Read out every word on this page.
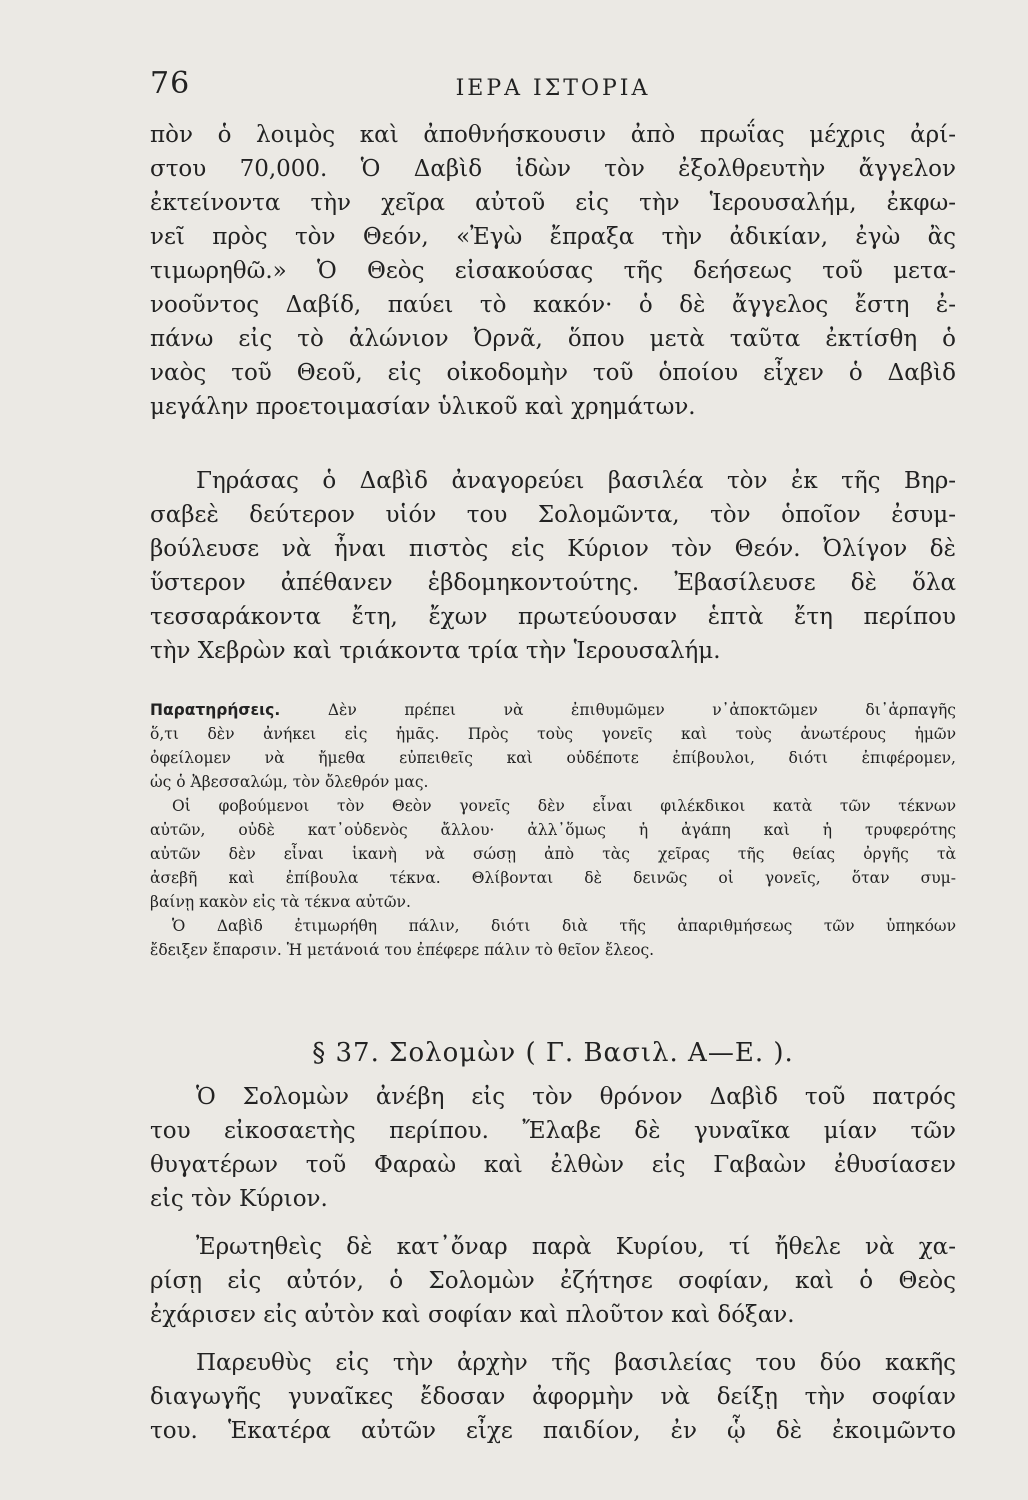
76	ΙΕΡΑ ΙΣΤΟΡΙΑ
πὸν ὁ λοιμὸς καὶ ἀποθνήσκουσιν ἀπὸ πρωΐας μέχρις ἀρί-
στου 70,000. Ὁ Δαβὶδ ἰδὼν τὸν ἐξολθρευτὴν ἄγγελον
ἐκτείνοντα τὴν χεῖρα αὐτοῦ εἰς τὴν Ἱερουσαλήμ, ἐκφω-
νεῖ πρὸς τὸν Θεόν, «Ἐγὼ ἔπραξα τὴν ἀδικίαν, ἐγὼ ἂς
τιμωρηθῶ.» Ὁ Θεὸς εἰσακούσας τῆς δεήσεως τοῦ μετα-
νοοῦντος Δαβίδ, παύει τὸ κακόν· ὁ δὲ ἄγγελος ἔστη ἐ-
πάνω εἰς τὸ ἀλώνιον Ὀρνᾶ, ὅπου μετὰ ταῦτα ἐκτίσθη ὁ
ναὸς τοῦ Θεοῦ, εἰς οἰκοδομὴν τοῦ ὁποίου εἶχεν ὁ Δαβὶδ
μεγάλην προετοιμασίαν ὑλικοῦ καὶ χρημάτων.
Γηράσας ὁ Δαβὶδ ἀναγορεύει βασιλέα τὸν ἐκ τῆς Βηρ-
σαβεὲ δεύτερον υἱόν του Σολομῶντα, τὸν ὁποῖον ἐσυμ-
βούλευσε νὰ ἦναι πιστὸς εἰς Κύριον τὸν Θεόν. Ὀλίγον δὲ
ὕστερον ἀπέθανεν ἑβδομηκοντούτης. Ἐβασίλευσε δὲ ὅλα
τεσσαράκοντα ἔτη, ἔχων πρωτεύουσαν ἑπτὰ ἔτη περίπου
τὴν Χεβρὼν καὶ τριάκοντα τρία τὴν Ἱερουσαλήμ.
Παρατηρήσεις.	Δὲν πρέπει νὰ ἐπιθυμῶμεν ν᾽ἀποκτῶμεν δι᾽ἁρπαγῆς
ὅ,τι δὲν ἀνήκει εἰς ἡμᾶς. Πρὸς τοὺς γονεῖς καὶ τοὺς ἀνωτέρους ἡμῶν
ὀφείλομεν νὰ ἤμεθα εὐπειθεῖς καὶ οὐδέποτε ἐπίβουλοι, διότι ἐπιφέρομεν,
ὡς ὁ Ἀβεσσαλώμ, τὸν ὄλεθρόν μας.
Οἱ φοβούμενοι τὸν Θεὸν γονεῖς δὲν εἶναι φιλέκδικοι κατὰ τῶν τέκνων
αὐτῶν, οὐδὲ κατ᾽οὐδενὸς ἄλλου· ἀλλ᾽ὅμως ἡ ἀγάπη καὶ ἡ τρυφερότης
αὐτῶν δὲν εἶναι ἱκανὴ νὰ σώσῃ ἀπὸ τὰς χεῖρας τῆς θείας ὀργῆς τὰ
ἀσεβῆ καὶ ἐπίβουλα τέκνα. Θλίβονται δὲ δεινῶς οἱ γονεῖς, ὅταν συμ-
βαίνῃ κακὸν εἰς τὰ τέκνα αὐτῶν.
Ὁ Δαβὶδ ἐτιμωρήθη πάλιν, διότι διὰ τῆς ἀπαριθμήσεως τῶν ὑπηκόων
ἔδειξεν ἔπαρσιν. Ἡ μετάνοιά του ἐπέφερε πάλιν τὸ θεῖον ἔλεος.
§ 37. Σολομὼν ( Γ. Βασιλ. Α—Ε. ).
Ὁ Σολομὼν ἀνέβη εἰς τὸν θρόνον Δαβὶδ τοῦ πατρός
του εἰκοσαετὴς περίπου. Ἔλαβε δὲ γυναῖκα μίαν τῶν
θυγατέρων τοῦ Φαραὼ καὶ ἐλθὼν εἰς Γαβαὼν ἐθυσίασεν
εἰς τὸν Κύριον.
Ἐρωτηθεὶς δὲ κατ᾽ὄναρ παρὰ Κυρίου, τί ἤθελε νὰ χα-
ρίσῃ εἰς αὐτόν, ὁ Σολομὼν ἐζήτησε σοφίαν, καὶ ὁ Θεὸς
ἐχάρισεν εἰς αὐτὸν καὶ σοφίαν καὶ πλοῦτον καὶ δόξαν.
Παρευθὺς εἰς τὴν ἀρχὴν τῆς βασιλείας του δύο κακῆς
διαγωγῆς γυναῖκες ἔδοσαν ἀφορμὴν νὰ δείξῃ τὴν σοφίαν
του. Ἑκατέρα αὐτῶν εἶχε παιδίον, ἐν ᾧ δὲ ἐκοιμῶντο
